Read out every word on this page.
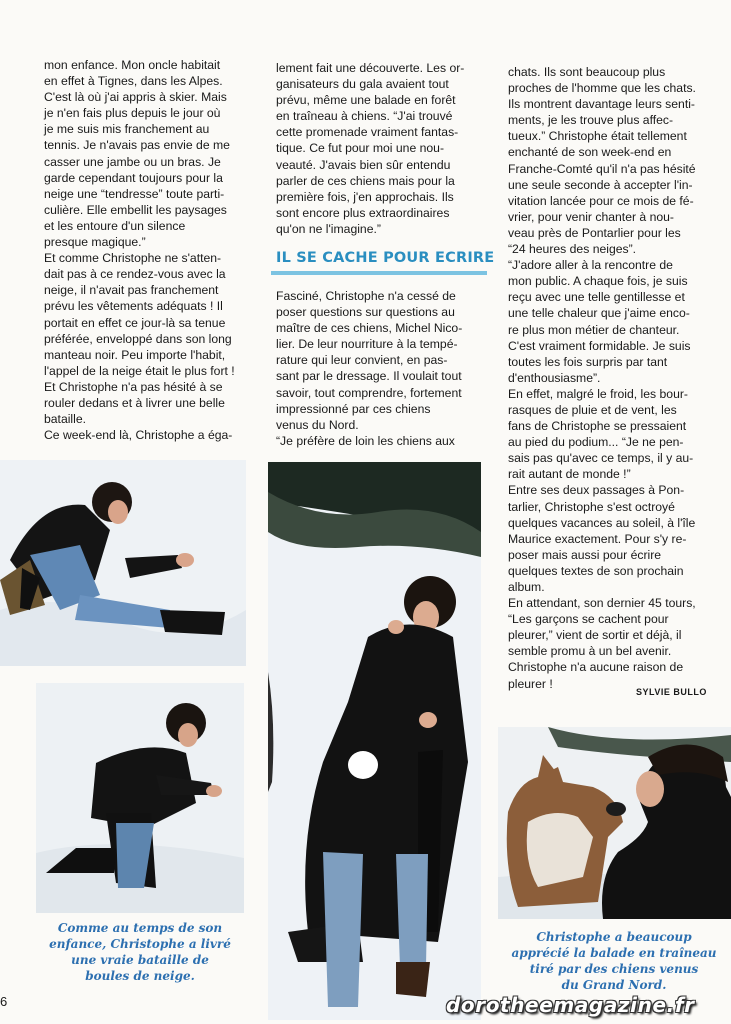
mon enfance. Mon oncle habitait

en effet à Tignes, dans les Alpes.

C'est là où j'ai appris à skier. Mais

je n'en fais plus depuis le jour où

je me suis mis franchement au

tennis. Je n'avais pas envie de me

casser une jambe ou un bras. Je

garde cependant toujours pour la

neige une “tendresse” toute parti-

culière. Elle embellit les paysages

et les entoure d'un silence

presque magique.”

Et comme Christophe ne s'atten-

dait pas à ce rendez-vous avec la

neige, il n'avait pas franchement

prévu les vêtements adéquats ! Il

portait en effet ce jour-là sa tenue

préférée, enveloppé dans son long

manteau noir. Peu importe l'habit,

l'appel de la neige était le plus fort !

Et Christophe n'a pas hésité à se

rouler dedans et à livrer une belle

bataille.

Ce week-end là, Christophe a éga-

lement fait une découverte. Les or-

ganisateurs du gala avaient tout

prévu, même une balade en forêt

en traîneau à chiens. “J'ai trouvé

cette promenade vraiment fantas-

tique. Ce fut pour moi une nou-

veauté. J'avais bien sûr entendu

parler de ces chiens mais pour la

première fois, j'en approchais. Ils

sont encore plus extraordinaires

qu'on ne l'imagine.”

IL SE CACHE POUR ECRIRE

Fasciné, Christophe n'a cessé de

poser questions sur questions au

maître de ces chiens, Michel Nico-

lier. De leur nourriture à la tempé-

rature qui leur convient, en pas-

sant par le dressage. Il voulait tout

savoir, tout comprendre, fortement

impressionné par ces chiens

venus du Nord.

“Je préfère de loin les chiens aux

chats. Ils sont beaucoup plus

proches de l'homme que les chats.

Ils montrent davantage leurs senti-

ments, je les trouve plus affec-

tueux.” Christophe était tellement

enchanté de son week-end en

Franche-Comté qu'il n'a pas hésité

une seule seconde à accepter l'in-

vitation lancée pour ce mois de fé-

vrier, pour venir chanter à nou-

veau près de Pontarlier pour les

“24 heures des neiges”.

“J'adore aller à la rencontre de

mon public. A chaque fois, je suis

reçu avec une telle gentillesse et

une telle chaleur que j'aime enco-

re plus mon métier de chanteur.

C'est vraiment formidable. Je suis

toutes les fois surpris par tant

d'enthousiasme”.

En effet, malgré le froid, les bour-

rasques de pluie et de vent, les

fans de Christophe se pressaient

au pied du podium... “Je ne pen-

sais pas qu'avec ce temps, il y au-

rait autant de monde !”

Entre ses deux passages à Pon-

tarlier, Christophe s'est octroyé

quelques vacances au soleil, à l'île

Maurice exactement. Pour s'y re-

poser mais aussi pour écrire

quelques textes de son prochain

album.

En attendant, son dernier 45 tours,

“Les garçons se cachent pour

pleurer,” vient de sortir et déjà, il

semble promu à un bel avenir.

Christophe n'a aucune raison de

pleurer !

SYLVIE BULLO
Comme au temps de son
enfance, Christophe a livré
une vraie bataille de
boules de neige.
Christophe a beaucoup
apprécié la balade en traîneau
tiré par des chiens venus
du Grand Nord.
6	dorotheemagazine.fr
